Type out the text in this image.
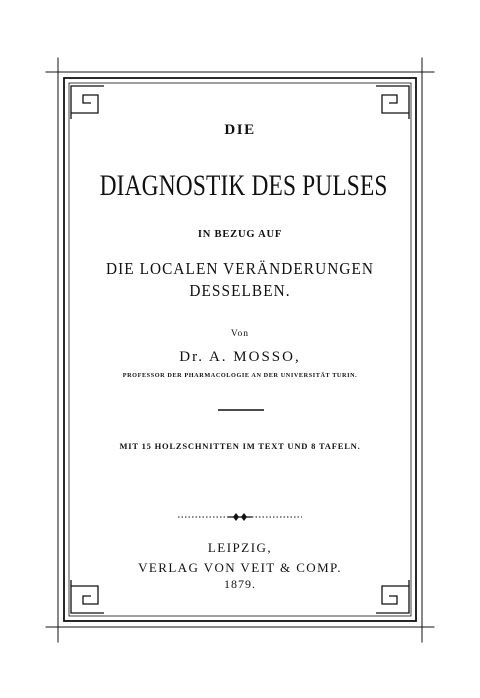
DIE
DIAGNOSTIK DES PULSES
IN BEZUG AUF
DIE LOCALEN VERÄNDERUNGEN
DESSELBEN.
Von
Dr. A. MOSSO,
PROFESSOR DER PHARMACOLOGIE AN DER UNIVERSITÄT TURIN.
MIT 15 HOLZSCHNITTEN IM TEXT UND 8 TAFELN.
LEIPZIG,
VERLAG VON VEIT & COMP.
1879.
